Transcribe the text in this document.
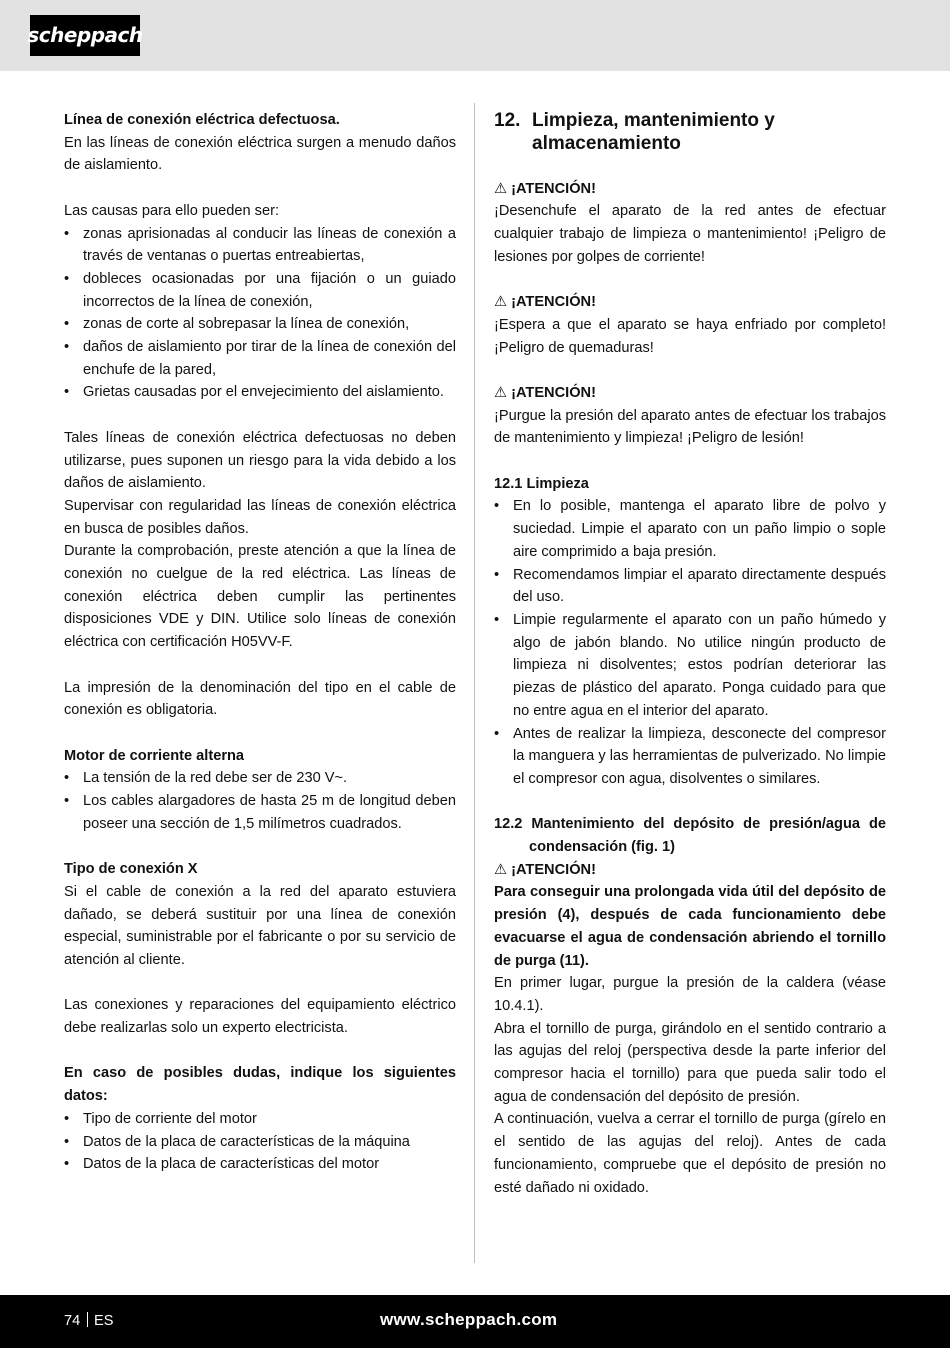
scheppach

Línea de conexión eléctrica defectuosa.

En las líneas de conexión eléctrica surgen a menudo daños de aislamiento.

Las causas para ello pueden ser:

• zonas aprisionadas al conducir las líneas de conexión a través de ventanas o puertas entreabiertas,
• dobleces ocasionadas por una fijación o un guiado incorrectos de la línea de conexión,
• zonas de corte al sobrepasar la línea de conexión,
• daños de aislamiento por tirar de la línea de conexión del enchufe de la pared,
• Grietas causadas por el envejecimiento del aislamiento.

Tales líneas de conexión eléctrica defectuosas no deben utilizarse, pues suponen un riesgo para la vida debido a los daños de aislamiento.

Supervisar con regularidad las líneas de conexión eléctrica en busca de posibles daños.

Durante la comprobación, preste atención a que la línea de conexión no cuelgue de la red eléctrica. Las líneas de conexión eléctrica deben cumplir las pertinentes disposiciones VDE y DIN. Utilice solo líneas de conexión eléctrica con certificación H05VV-F.

La impresión de la denominación del tipo en el cable de conexión es obligatoria.

Motor de corriente alterna

• La tensión de la red debe ser de 230 V~.
• Los cables alargadores de hasta 25 m de longitud deben poseer una sección de 1,5 milímetros cuadrados.

Tipo de conexión X

Si el cable de conexión a la red del aparato estuviera dañado, se deberá sustituir por una línea de conexión especial, suministrable por el fabricante o por su servicio de atención al cliente.

Las conexiones y reparaciones del equipamiento eléctrico debe realizarlas solo un experto electricista.

En caso de posibles dudas, indique los siguientes datos:

• Tipo de corriente del motor
• Datos de la placa de características de la máquina
• Datos de la placa de características del motor
12. Limpieza, mantenimiento y almacenamiento

⚠ ¡ATENCIÓN!

¡Desenchufe el aparato de la red antes de efectuar cualquier trabajo de limpieza o mantenimiento! ¡Peligro de lesiones por golpes de corriente!

⚠ ¡ATENCIÓN!

¡Espera a que el aparato se haya enfriado por completo! ¡Peligro de quemaduras!

⚠ ¡ATENCIÓN!

¡Purgue la presión del aparato antes de efectuar los trabajos de mantenimiento y limpieza! ¡Peligro de lesión!

12.1 Limpieza

• En lo posible, mantenga el aparato libre de polvo y suciedad. Limpie el aparato con un paño limpio o sople aire comprimido a baja presión.
• Recomendamos limpiar el aparato directamente después del uso.
• Limpie regularmente el aparato con un paño húmedo y algo de jabón blando. No utilice ningún producto de limpieza ni disolventes; estos podrían deteriorar las piezas de plástico del aparato. Ponga cuidado para que no entre agua en el interior del aparato.
• Antes de realizar la limpieza, desconecte del compresor la manguera y las herramientas de pulverizado. No limpie el compresor con agua, disolventes o similares.

12.2 Mantenimiento del depósito de presión/agua de condensación (fig. 1)

⚠ ¡ATENCIÓN!

Para conseguir una prolongada vida útil del depósito de presión (4), después de cada funcionamiento debe evacuarse el agua de condensación abriendo el tornillo de purga (11).

En primer lugar, purgue la presión de la caldera (véase 10.4.1).

Abra el tornillo de purga, girándolo en el sentido contrario a las agujas del reloj (perspectiva desde la parte inferior del compresor hacia el tornillo) para que pueda salir todo el agua de condensación del depósito de presión.

A continuación, vuelva a cerrar el tornillo de purga (gírelo en el sentido de las agujas del reloj). Antes de cada funcionamiento, compruebe que el depósito de presión no esté dañado ni oxidado.

74 ES	www.scheppach.com
